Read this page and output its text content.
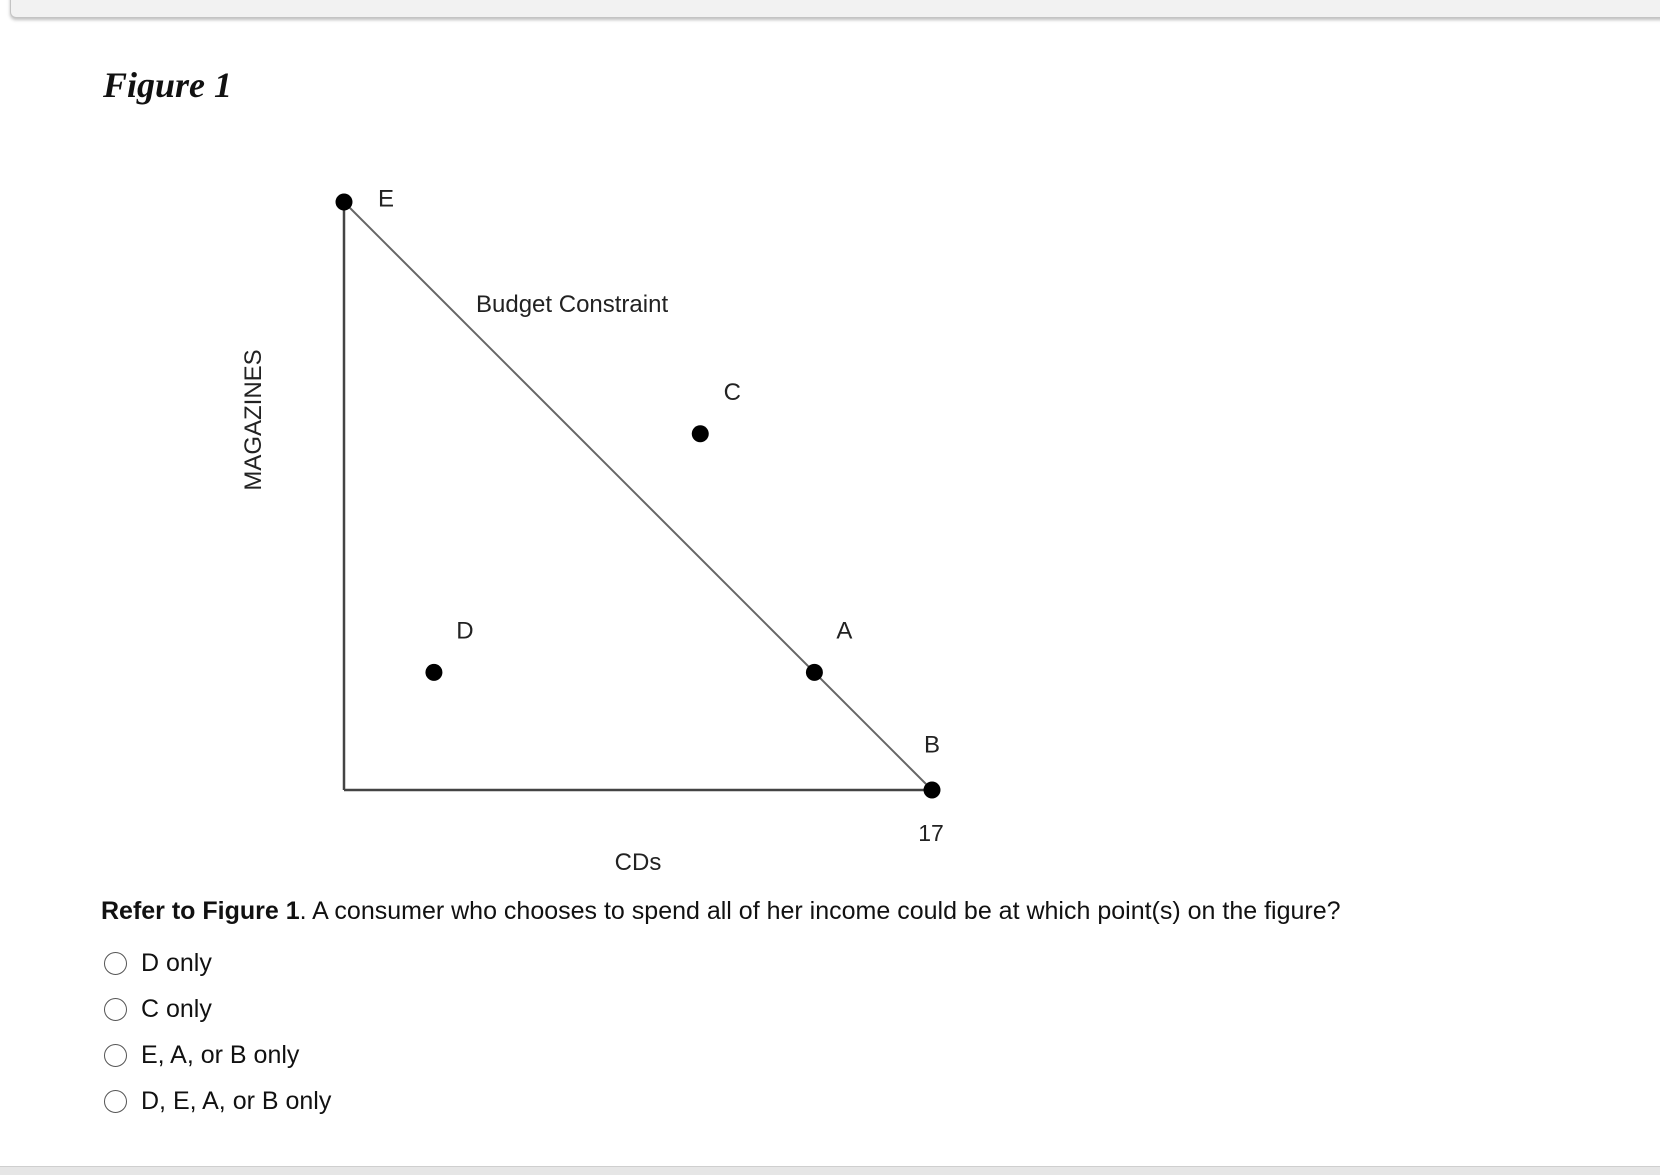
Figure 1
Budget Constraint
CDs
MAGAZINES
17
E
C
D	A
B
Refer to Figure 1. A consumer who chooses to spend all of her income could be at which point(s) on the figure?
D only
C only
E, A, or B only
D, E, A, or B only
